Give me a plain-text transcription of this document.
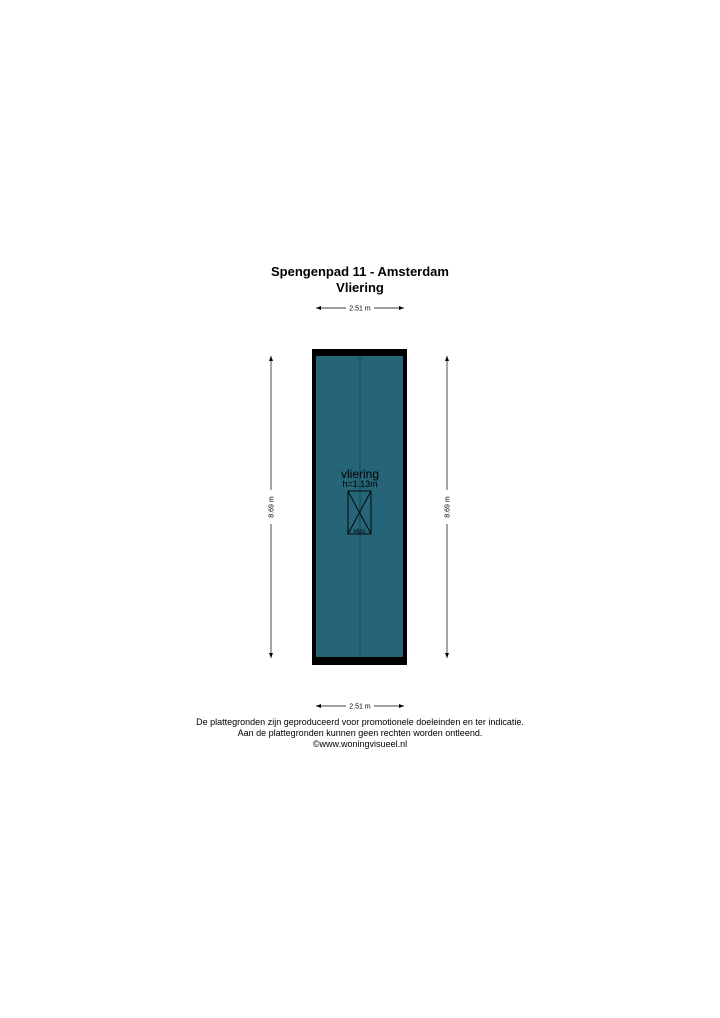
Spengenpad 11 - Amsterdam
Vliering
2.51 m
8.69 m	8.69 m
vliering
h=1.13m
vlizo
2.51 m
De plattegronden zijn geproduceerd voor promotionele doeleinden en ter indicatie.
Aan de plattegronden kunnen geen rechten worden ontleend.
©www.woningvisueel.nl
